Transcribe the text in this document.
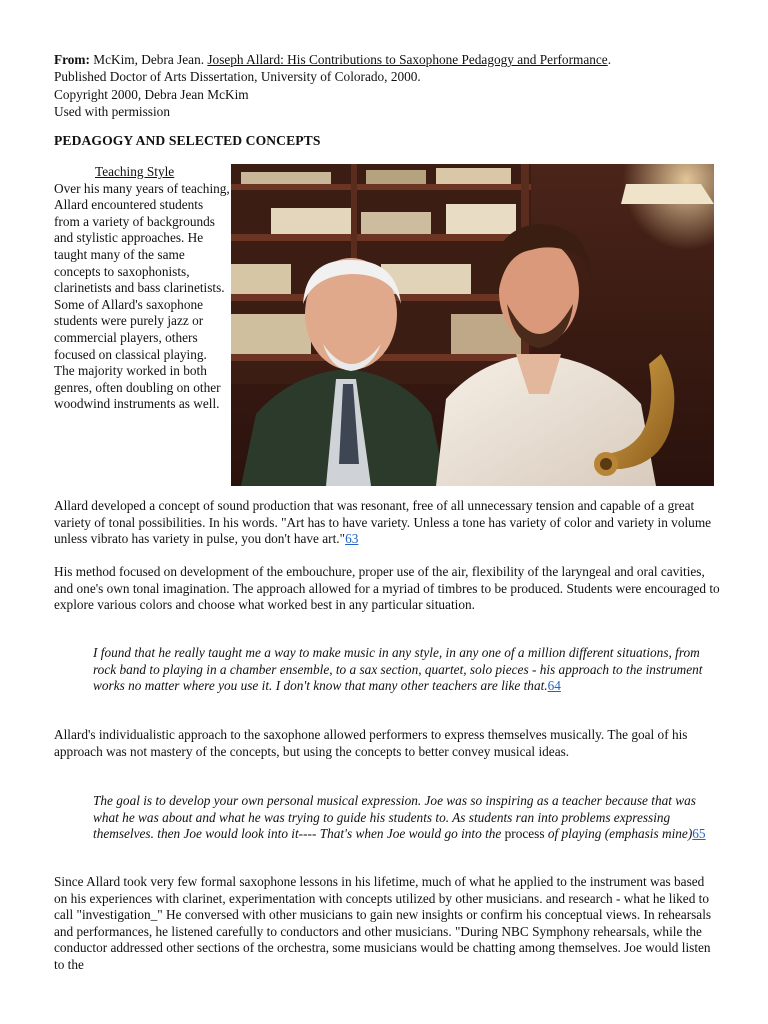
From: McKim, Debra Jean. Joseph Allard: His Contributions to Saxophone Pedagogy and Performance.
Published Doctor of Arts Dissertation, University of Colorado, 2000.
Copyright 2000, Debra Jean McKim
Used with permission
PEDAGOGY AND SELECTED CONCEPTS
Teaching Style
Over his many years of teaching, Allard encountered students from a variety of backgrounds and stylistic approaches. He taught many of the same concepts to saxophonists, clarinetists and bass clarinetists. Some of Allard's saxophone students were purely jazz or commercial players, others focused on classical playing. The majority worked in both genres, often doubling on other woodwind instruments as well.

Allard developed a concept of sound production that was resonant, free of all unnecessary tension and capable of a great variety of tonal possibilities. In his words. "Art has to have variety. Unless a tone has variety of color and variety in volume unless vibrato has variety in pulse, you don't have art."63

His method focused on development of the embouchure, proper use of the air, flexibility of the laryngeal and oral cavities, and one's own tonal imagination. The approach allowed for a myriad of timbres to be produced. Students were encouraged to explore various colors and choose what worked best in any particular situation.

I found that he really taught me a way to make music in any style, in any one of a million different situations, from rock band to playing in a chamber ensemble, to a sax section, quartet, solo pieces - his approach to the instrument works no matter where you use it. I don't know that many other teachers are like that.64

Allard's individualistic approach to the saxophone allowed performers to express themselves musically. The goal of his approach was not mastery of the concepts, but using the concepts to better convey musical ideas.

The goal is to develop your own personal musical expression. Joe was so inspiring as a teacher because that was what he was about and what he was trying to guide his students to. As students ran into problems expressing themselves. then Joe would look into it---- That's when Joe would go into the process of playing (emphasis mine)65

Since Allard took very few formal saxophone lessons in his lifetime, much of what he applied to the instrument was based on his experiences with clarinet, experimentation with concepts utilized by other musicians. and research - what he liked to call "investigation_" He conversed with other musicians to gain new insights or confirm his conceptual views. In rehearsals and performances, he listened carefully to conductors and other musicians. "During NBC Symphony rehearsals, while the conductor addressed other sections of the orchestra, some musicians would be chatting among themselves. Joe would listen to the
